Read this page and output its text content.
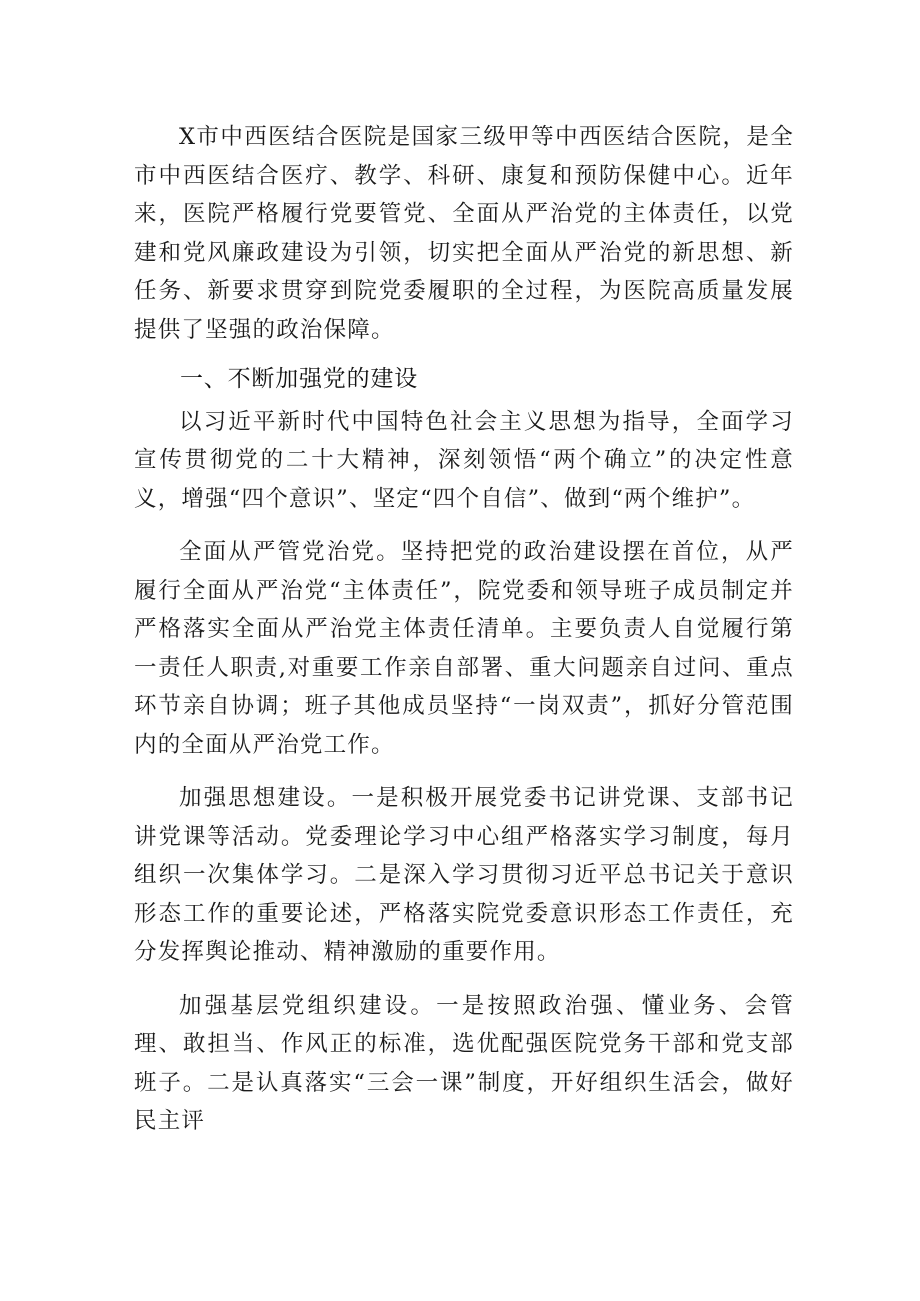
X市中西医结合医院是国家三级甲等中西医结合医院，是全市中西医结合医疗、教学、科研、康复和预防保健中心。近年来，医院严格履行党要管党、全面从严治党的主体责任，以党建和党风廉政建设为引领，切实把全面从严治党的新思想、新任务、新要求贯穿到院党委履职的全过程，为医院高质量发展提供了坚强的政治保障。

一、不断加强党的建设

以习近平新时代中国特色社会主义思想为指导，全面学习宣传贯彻党的二十大精神，深刻领悟“两个确立”的决定性意义，增强“四个意识”、坚定“四个自信”、做到“两个维护”。

全面从严管党治党。坚持把党的政治建设摆在首位，从严履行全面从严治党“主体责任”，院党委和领导班子成员制定并严格落实全面从严治党主体责任清单。主要负责人自觉履行第一责任人职责,对重要工作亲自部署、重大问题亲自过问、重点环节亲自协调；班子其他成员坚持“一岗双责”，抓好分管范围内的全面从严治党工作。

加强思想建设。一是积极开展党委书记讲党课、支部书记讲党课等活动。党委理论学习中心组严格落实学习制度，每月组织一次集体学习。二是深入学习贯彻习近平总书记关于意识形态工作的重要论述，严格落实院党委意识形态工作责任，充分发挥舆论推动、精神激励的重要作用。

加强基层党组织建设。一是按照政治强、懂业务、会管理、敢担当、作风正的标准，选优配强医院党务干部和党支部班子。二是认真落实“三会一课”制度，开好组织生活会，做好民主评
